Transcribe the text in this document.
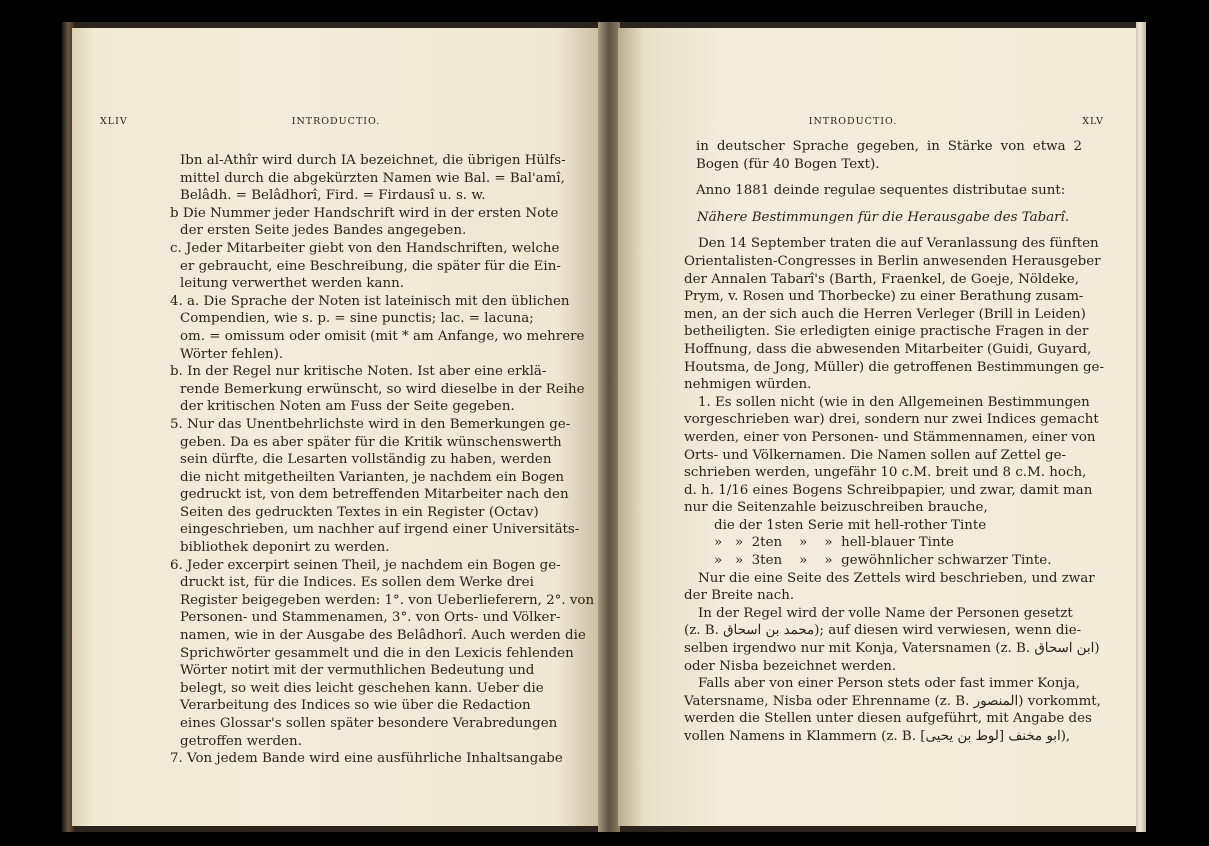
XLIV	INTRODUCTIO.
Ibn al-Athîr wird durch IA bezeichnet, die übrigen Hülfs-
mittel durch die abgekürzten Namen wie Bal. = Bal'amî,
Belâdh. = Belâdhorî, Fird. = Firdausî u. s. w.
b Die Nummer jeder Handschrift wird in der ersten Note
der ersten Seite jedes Bandes angegeben.
c. Jeder Mitarbeiter giebt von den Handschriften, welche
er gebraucht, eine Beschreibung, die später für die Ein-
leitung verwerthet werden kann.
4. a. Die Sprache der Noten ist lateinisch mit den üblichen
Compendien, wie s. p. = sine punctis; lac. = lacuna;
om. = omissum oder omisit (mit * am Anfange, wo mehrere
Wörter fehlen).
b. In der Regel nur kritische Noten. Ist aber eine erklä-
rende Bemerkung erwünscht, so wird dieselbe in der Reihe
der kritischen Noten am Fuss der Seite gegeben.
5. Nur das Unentbehrlichste wird in den Bemerkungen ge-
geben. Da es aber später für die Kritik wünschenswerth
sein dürfte, die Lesarten vollständig zu haben, werden
die nicht mitgetheilten Varianten, je nachdem ein Bogen
gedruckt ist, von dem betreffenden Mitarbeiter nach den
Seiten des gedruckten Textes in ein Register (Octav)
eingeschrieben, um nachher auf irgend einer Universitäts-
bibliothek deponirt zu werden.
6. Jeder excerpirt seinen Theil, je nachdem ein Bogen ge-
druckt ist, für die Indices. Es sollen dem Werke drei
Register beigegeben werden: 1°. von Ueberlieferern, 2°. von
Personen- und Stammenamen, 3°. von Orts- und Völker-
namen, wie in der Ausgabe des Belâdhorî. Auch werden die
Sprichwörter gesammelt und die in den Lexicis fehlenden
Wörter notirt mit der vermuthlichen Bedeutung und
belegt, so weit dies leicht geschehen kann. Ueber die
Verarbeitung des Indices so wie über die Redaction
eines Glossar's sollen später besondere Verabredungen
getroffen werden.
7. Von jedem Bande wird eine ausführliche Inhaltsangabe
INTRODUCTIO.	XLV
in deutscher Sprache gegeben, in Stärke von etwa 2
Bogen (für 40 Bogen Text).
Anno 1881 deinde regulae sequentes distributae sunt:
Nähere Bestimmungen für die Herausgabe des Tabarî.
Den 14 September traten die auf Veranlassung des fünften
Orientalisten-Congresses in Berlin anwesenden Herausgeber
der Annalen Tabarî's (Barth, Fraenkel, de Goeje, Nöldeke,
Prym, v. Rosen und Thorbecke) zu einer Berathung zusam-
men, an der sich auch die Herren Verleger (Brill in Leiden)
betheiligten. Sie erledigten einige practische Fragen in der
Hoffnung, dass die abwesenden Mitarbeiter (Guidi, Guyard,
Houtsma, de Jong, Müller) die getroffenen Bestimmungen ge-
nehmigen würden.
1. Es sollen nicht (wie in den Allgemeinen Bestimmungen
vorgeschrieben war) drei, sondern nur zwei Indices gemacht
werden, einer von Personen- und Stämmennamen, einer von
Orts- und Völkernamen. Die Namen sollen auf Zettel ge-
schrieben werden, ungefähr 10 c.M. breit und 8 c.M. hoch,
d. h. 1/16 eines Bogens Schreibpapier, und zwar, damit man
nur die Seitenzahle beizuschreiben brauche,
die der 1sten Serie mit hell-rother Tinte
»   »  2ten    »    »  hell-blauer Tinte
»   »  3ten    »    »  gewöhnlicher schwarzer Tinte.
Nur die eine Seite des Zettels wird beschrieben, und zwar
der Breite nach.
In der Regel wird der volle Name der Personen gesetzt
(z. B. محمد بن اسحاق); auf diesen wird verwiesen, wenn die-
selben irgendwo nur mit Konja, Vatersnamen (z. B. ابن اسحاق)
oder Nisba bezeichnet werden.
Falls aber von einer Person stets oder fast immer Konja,
Vatersname, Nisba oder Ehrenname (z. B. المنصور) vorkommt,
werden die Stellen unter diesen aufgeführt, mit Angabe des
vollen Namens in Klammern (z. B. ابو مخنف [لوط بن يحيى]),
